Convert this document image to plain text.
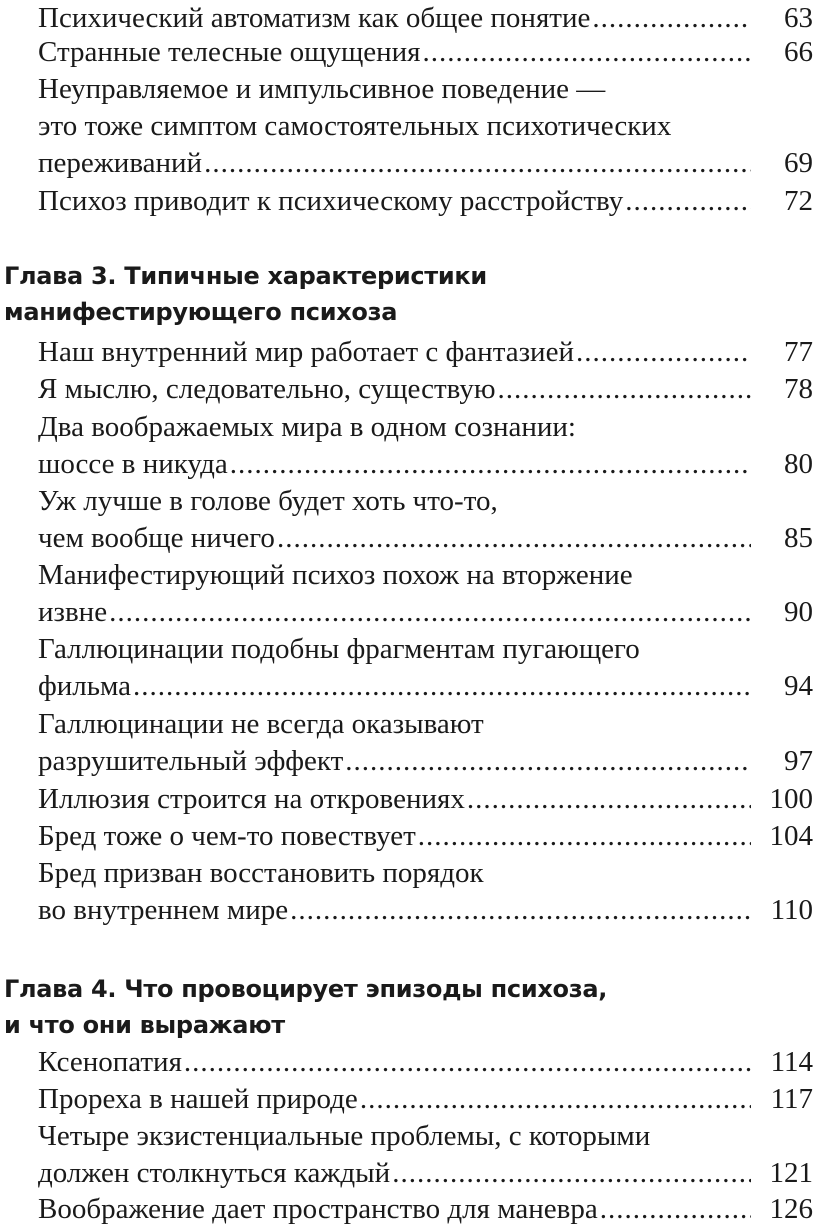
Психический автоматизм как общее понятие .....	63
Странные телесные ощущения .....	66
Неуправляемое и импульсивное поведение —
это тоже симптом самостоятельных психотических
переживаний .....	69
Психоз приводит к психическому расстройству .....	72
Глава 3. Типичные характеристики
манифестирующего психоза
Наш внутренний мир работает с фантазией .....	77
Я мыслю, следовательно, существую .....	78
Два воображаемых мира в одном сознании:
шоссе в никуда .....	80
Уж лучше в голове будет хоть что-то,
чем вообще ничего .....	85
Манифестирующий психоз похож на вторжение
извне .....	90
Галлюцинации подобны фрагментам пугающего
фильма .....	94
Галлюцинации не всегда оказывают
разрушительный эффект .....	97
Иллюзия строится на откровениях .....	100
Бред тоже о чем-то повествует .....	104
Бред призван восстановить порядок
во внутреннем мире .....	110
Глава 4. Что провоцирует эпизоды психоза,
и что они выражают
Ксенопатия .....	114
Прореха в нашей природе .....	117
Четыре экзистенциальные проблемы, с которыми
должен столкнуться каждый .....	121
Воображение дает пространство для маневра .....	126
